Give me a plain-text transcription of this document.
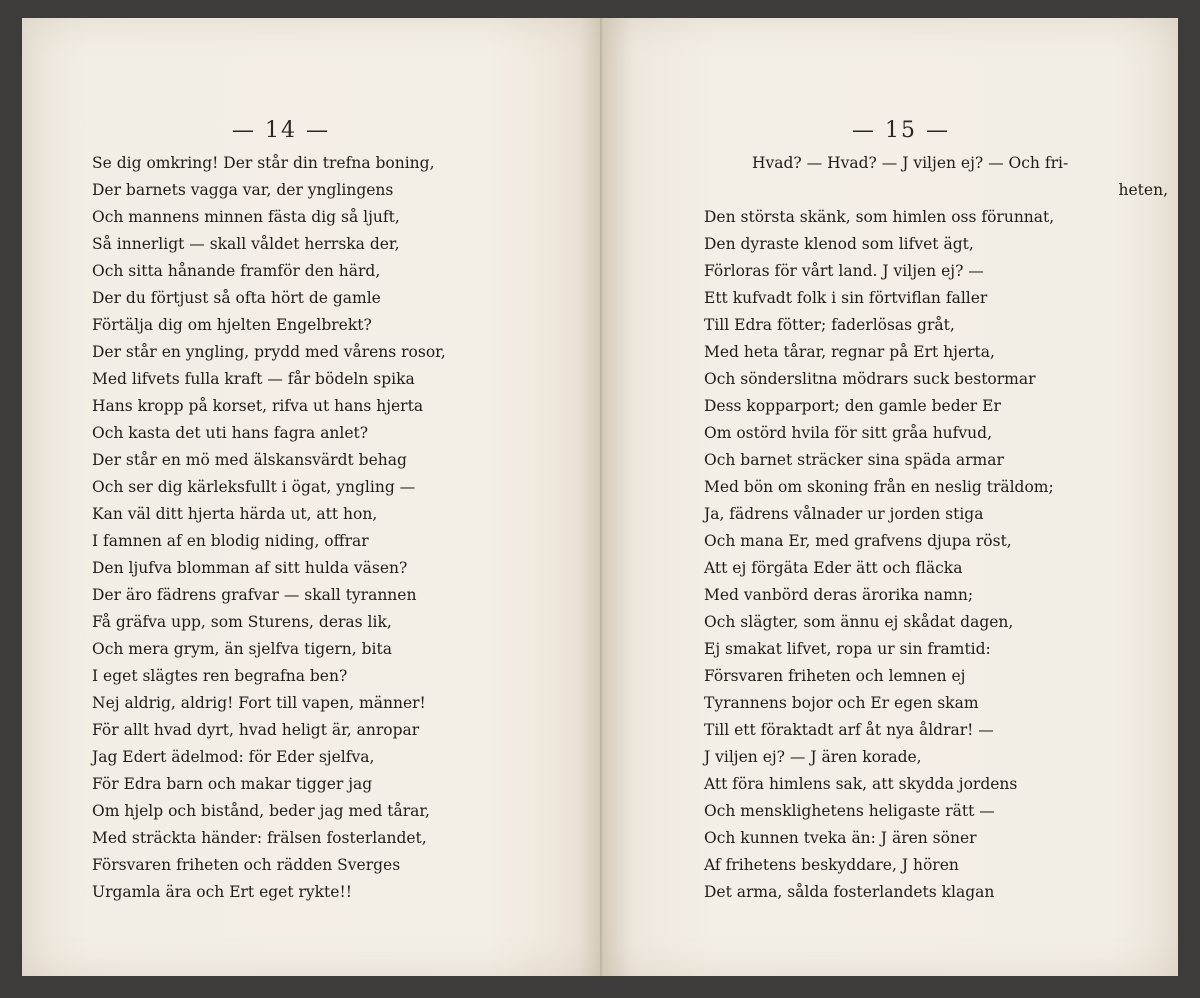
— 14 —
Se dig omkring! Der står din trefna boning,
Der barnets vagga var, der ynglingens
Och mannens minnen fästa dig så ljuft,
Så innerligt — skall våldet herrska der,
Och sitta hånande framför den härd,
Der du förtjust så ofta hört de gamle
Förtälja dig om hjelten Engelbrekt?
Der står en yngling, prydd med vårens rosor,
Med lifvets fulla kraft — får bödeln spika
Hans kropp på korset, rifva ut hans hjerta
Och kasta det uti hans fagra anlet?
Der står en mö med älskansvärdt behag
Och ser dig kärleksfullt i ögat, yngling —
Kan väl ditt hjerta härda ut, att hon,
I famnen af en blodig niding, offrar
Den ljufva blomman af sitt hulda väsen?
Der äro fädrens grafvar — skall tyrannen
Få gräfva upp, som Sturens, deras lik,
Och mera grym, än sjelfva tigern, bita
I eget slägtes ren begrafna ben?
Nej aldrig, aldrig! Fort till vapen, männer!
För allt hvad dyrt, hvad heligt är, anropar
Jag Edert ädelmod: för Eder sjelfva,
För Edra barn och makar tigger jag
Om hjelp och bistånd, beder jag med tårar,
Med sträckta händer: frälsen fosterlandet,
Försvaren friheten och rädden Sverges
Urgamla ära och Ert eget rykte!!
— 15 —
Hvad? — Hvad? — J viljen ej? — Och fri-
heten,
Den största skänk, som himlen oss förunnat,
Den dyraste klenod som lifvet ägt,
Förloras för vårt land. J viljen ej? —
Ett kufvadt folk i sin förtviflan faller
Till Edra fötter; faderlösas gråt,
Med heta tårar, regnar på Ert hjerta,
Och sönderslitna mödrars suck bestormar
Dess kopparport; den gamle beder Er
Om ostörd hvila för sitt gråa hufvud,
Och barnet sträcker sina späda armar
Med bön om skoning från en neslig träldom;
Ja, fädrens vålnader ur jorden stiga
Och mana Er, med grafvens djupa röst,
Att ej förgäta Eder ätt och fläcka
Med vanbörd deras ärorika namn;
Och slägter, som ännu ej skådat dagen,
Ej smakat lifvet, ropa ur sin framtid:
Försvaren friheten och lemnen ej
Tyrannens bojor och Er egen skam
Till ett föraktadt arf åt nya åldrar! —
J viljen ej? — J ären korade,
Att föra himlens sak, att skydda jordens
Och mensklighetens heligaste rätt —
Och kunnen tveka än: J ären söner
Af frihetens beskyddare, J hören
Det arma, sålda fosterlandets klagan
